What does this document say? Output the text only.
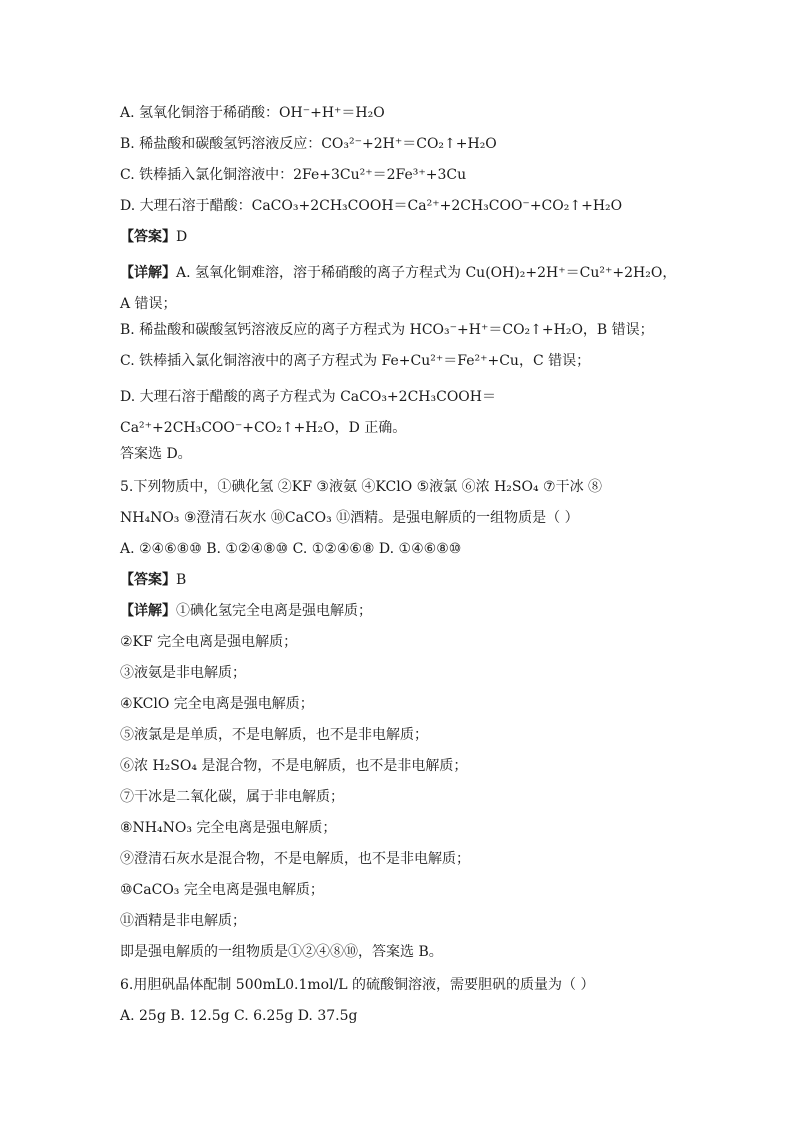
A. 氢氧化铜溶于稀硝酸：OH⁻+H⁺＝H₂O
B. 稀盐酸和碳酸氢钙溶液反应：CO₃²⁻+2H⁺＝CO₂↑+H₂O
C. 铁棒插入氯化铜溶液中：2Fe+3Cu²⁺＝2Fe³⁺+3Cu
D. 大理石溶于醋酸：CaCO₃+2CH₃COOH＝Ca²⁺+2CH₃COO⁻+CO₂↑+H₂O
【答案】D
【详解】A. 氢氧化铜难溶，溶于稀硝酸的离子方程式为 Cu(OH)₂+2H⁺＝Cu²⁺+2H₂O，A 错误；
B. 稀盐酸和碳酸氢钙溶液反应的离子方程式为 HCO₃⁻+H⁺＝CO₂↑+H₂O，B 错误；
C. 铁棒插入氯化铜溶液中的离子方程式为 Fe+Cu²⁺＝Fe²⁺+Cu，C 错误；
D. 大理石溶于醋酸的离子方程式为 CaCO₃+2CH₃COOH＝Ca²⁺+2CH₃COO⁻+CO₂↑+H₂O，D 正确。
答案选 D。
5.下列物质中，①碘化氢 ②KF ③液氨 ④KClO ⑤液氯 ⑥浓 H₂SO₄ ⑦干冰 ⑧
NH₄NO₃ ⑨澄清石灰水 ⑩CaCO₃ ⑪酒精。是强电解质的一组物质是（ ）
A. ②④⑥⑧⑩ B. ①②④⑧⑩ C. ①②④⑥⑧ D. ①④⑥⑧⑩
【答案】B
【详解】①碘化氢完全电离是强电解质；
②KF 完全电离是强电解质；
③液氨是非电解质；
④KClO 完全电离是强电解质；
⑤液氯是是单质，不是电解质，也不是非电解质；
⑥浓 H₂SO₄ 是混合物，不是电解质，也不是非电解质；
⑦干冰是二氧化碳，属于非电解质；
⑧NH₄NO₃ 完全电离是强电解质；
⑨澄清石灰水是混合物，不是电解质，也不是非电解质；
⑩CaCO₃ 完全电离是强电解质；
⑪酒精是非电解质；
即是强电解质的一组物质是①②④⑧⑩，答案选 B。
6.用胆矾晶体配制 500mL0.1mol/L 的硫酸铜溶液，需要胆矾的质量为（ ）
A. 25g B. 12.5g C. 6.25g D. 37.5g
